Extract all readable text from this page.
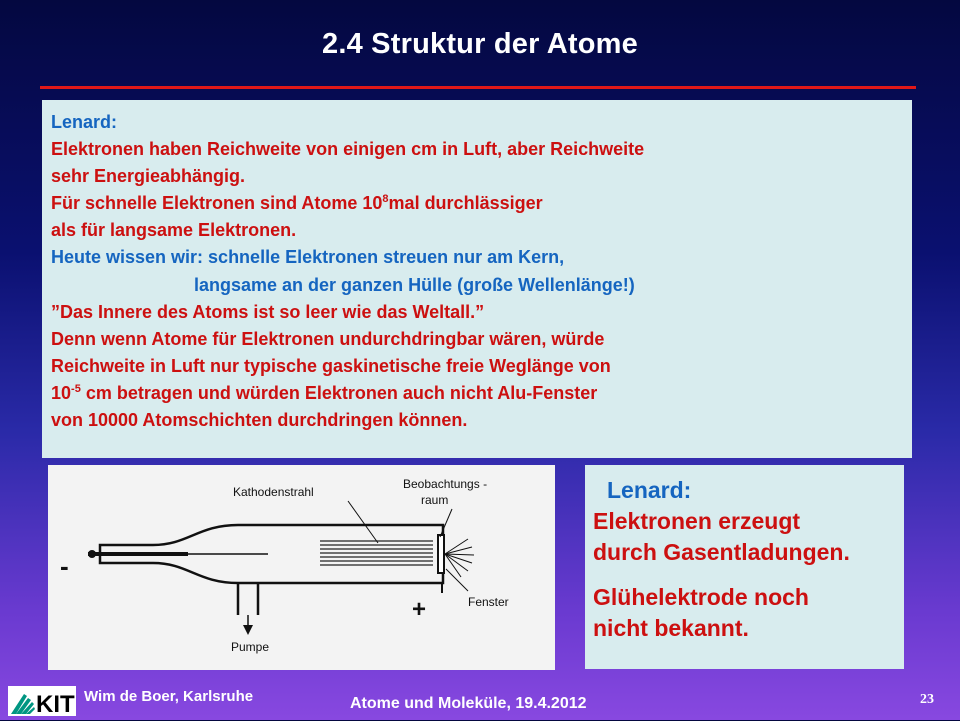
2.4 Struktur der Atome
Lenard:
Elektronen haben Reichweite von einigen cm in Luft, aber Reichweite
sehr Energieabhängig.
Für schnelle Elektronen sind Atome $10^8mal$ durchlässiger
als für langsame Elektronen.
Heute wissen wir: schnelle Elektronen streuen nur am Kern,
langsame an der ganzen Hülle (große Wellenlänge!)
”Das Innere des Atoms ist so leer wie das Weltall.”
Denn wenn Atome für Elektronen undurchdringbar wären, würde
Reichweite in Luft nur typische gaskinetische freie Weglänge von
$10^{-5}$ cm betragen und würden Elektronen auch nicht Alu-Fenster
von 10000 Atomschichten durchdringen können.
Kathodenstrahl
Beobachtungs -
raum
Fenster
Pumpe
-
+
Lenard:
Elektronen erzeugt
durch Gasentladungen.
Glühelektrode noch
nicht bekannt.
KIT Wim de Boer, Karlsruhe	Atome und Moleküle, 19.4.2012	23
